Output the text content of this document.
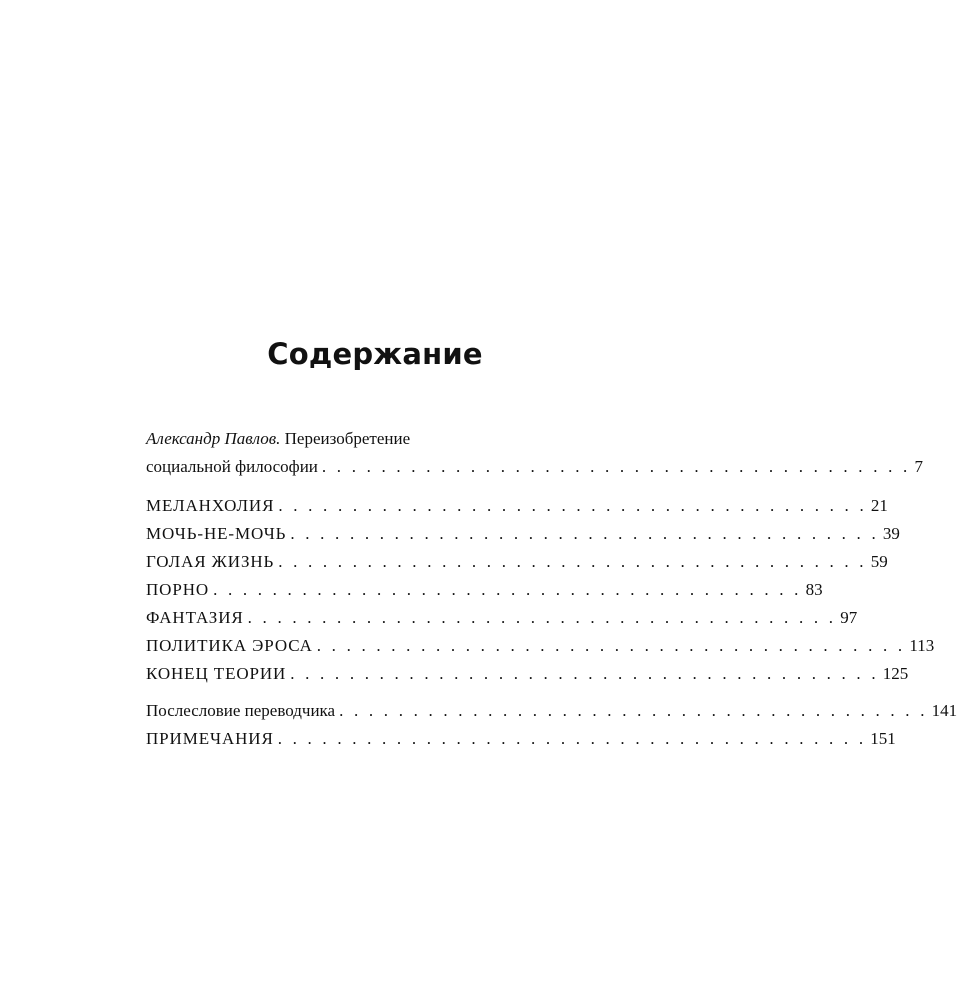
Содержание
Александр Павлов. Переизобретение
социальной философии . . . . . . . . . . . . . . . . . . . . . . . . . . . . . . . . . . . . . . . . 7
МЕЛАНХОЛИЯ . . . . . . . . . . . . . . . . . . . . . . . . . . . . . . . . . . . . . . . . 21
МОЧЬ-НЕ-МОЧЬ . . . . . . . . . . . . . . . . . . . . . . . . . . . . . . . . . . . . . . . . 39
ГОЛАЯ ЖИЗНЬ . . . . . . . . . . . . . . . . . . . . . . . . . . . . . . . . . . . . . . . . 59
ПОРНО . . . . . . . . . . . . . . . . . . . . . . . . . . . . . . . . . . . . . . . . 83
ФАНТАЗИЯ . . . . . . . . . . . . . . . . . . . . . . . . . . . . . . . . . . . . . . . . 97
ПОЛИТИКА ЭРОСА . . . . . . . . . . . . . . . . . . . . . . . . . . . . . . . . . . . . . . . . 113
КОНЕЦ ТЕОРИИ . . . . . . . . . . . . . . . . . . . . . . . . . . . . . . . . . . . . . . . . 125
Послесловие переводчика . . . . . . . . . . . . . . . . . . . . . . . . . . . . . . . . . . . . . . . . 141
ПРИМЕЧАНИЯ . . . . . . . . . . . . . . . . . . . . . . . . . . . . . . . . . . . . . . . . 151
